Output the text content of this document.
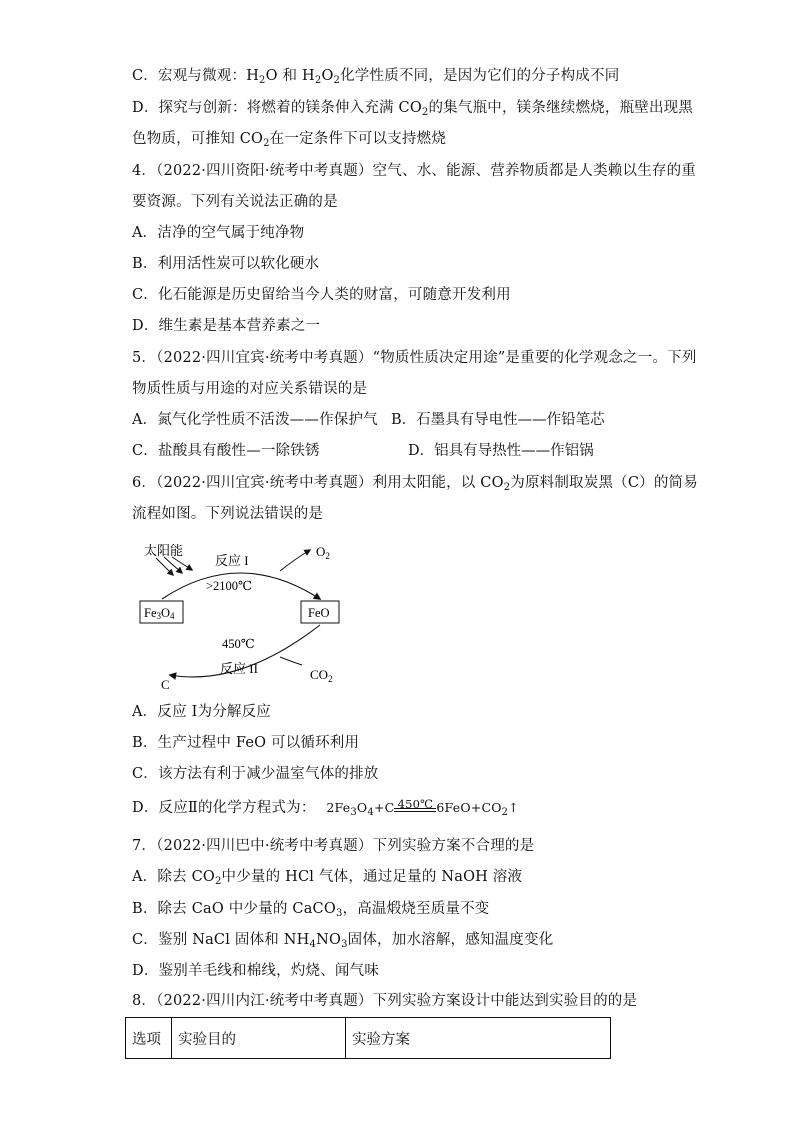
C．宏观与微观：$H_2O$ 和 $H_2O_2$化学性质不同，是因为它们的分子构成不同
D．探究与创新：将燃着的镁条伸入充满 $CO_2$的集气瓶中，镁条继续燃烧，瓶壁出现黑
色物质，可推知 $CO_2$在一定条件下可以支持燃烧
4．（2022·四川资阳·统考中考真题）空气、水、能源、营养物质都是人类赖以生存的重
要资源。下列有关说法正确的是
A．洁净的空气属于纯净物
B．利用活性炭可以软化硬水
C．化石能源是历史留给当今人类的财富，可随意开发利用
D．维生素是基本营养素之一
5．（2022·四川宜宾·统考中考真题）“物质性质决定用途”是重要的化学观念之一。下列
物质性质与用途的对应关系错误的是
A．氮气化学性质不活泼——作保护气 B．石墨具有导电性——作铅笔芯
C．盐酸具有酸性—一除铁锈	D．铝具有导热性——作铝锅
6．（2022·四川宜宾·统考中考真题）利用太阳能，以 $CO_2$为原料制取炭黑（C）的简易
流程如图。下列说法错误的是
太阳能
反应 I
>2100℃
$O_2$
Fe3O4	FeO
450℃
反应 II
C
$CO_2$
A．反应 I为分解反应
B．生产过程中 FeO 可以循环利用
C．该方法有利于减少温室气体的排放
D．反应Ⅱ的化学方程式为： $2Fe_3O_4+C$ 450℃ $6FeO+CO_2↑$
7．（2022·四川巴中·统考中考真题）下列实验方案不合理的是
A．除去 $CO_2$中少量的 HCl 气体，通过足量的 NaOH 溶液
B．除去 CaO 中少量的 CaCO$_3$，高温煅烧至质量不变
C．鉴别 NaCl 固体和 $NH_4NO_3$固体，加水溶解，感知温度变化
D．鉴别羊毛线和棉线，灼烧、闻气味
8．（2022·四川内江·统考中考真题）下列实验方案设计中能达到实验目的的是
选项	实验目的	实验方案
